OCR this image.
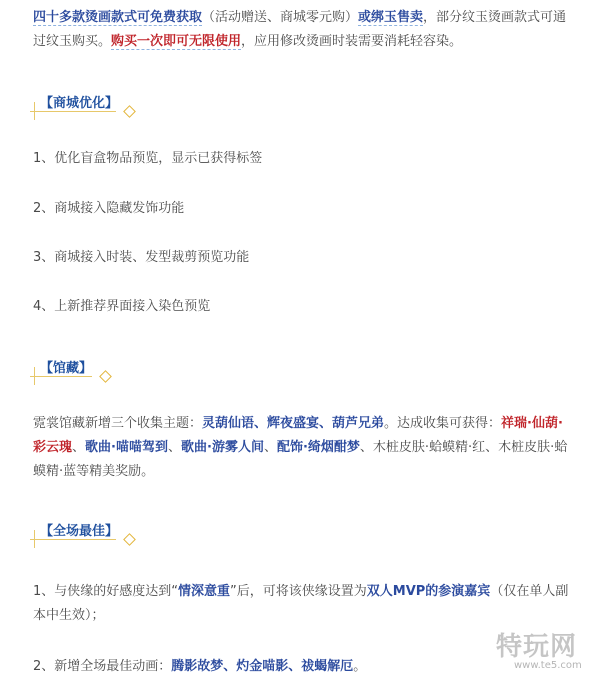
四十多款烫画款式可免费获取（活动赠送、商城零元购）或绑玉售卖，部分纹玉烫画款式可通过纹玉购买。购买一次即可无限使用，应用修改烫画时装需要消耗轻容染。

【商城优化】

1、优化盲盒物品预览，显示已获得标签

2、商城接入隐藏发饰功能

3、商城接入时装、发型裁剪预览功能

4、上新推荐界面接入染色预览

【馆藏】

霓裳馆藏新增三个收集主题：灵葫仙语、辉夜盛宴、葫芦兄弟。达成收集可获得：祥瑞·仙葫·彩云瑰、歌曲·喵喵驾到、歌曲·游雾人间、配饰·绮烟酣梦、木桩皮肤·蛤蟆精·红、木桩皮肤·蛤蟆精·蓝等精美奖励。

【全场最佳】

1、与侠缘的好感度达到“情深意重”后，可将该侠缘设置为双人MVP的参演嘉宾（仅在单人副本中生效）；

2、新增全场最佳动画：腾影故梦、灼金喵影、祓蝎解厄。

特玩网
www.te5.com
